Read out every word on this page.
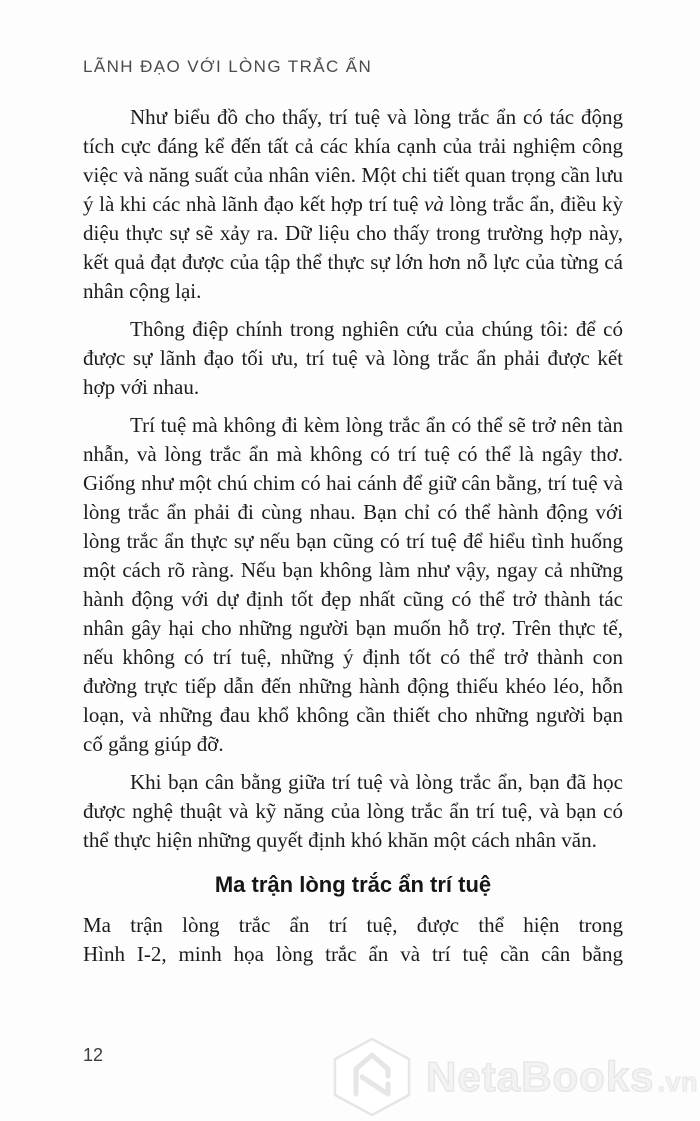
LÃNH ĐẠO VỚI LÒNG TRẮC ẨN

Như biểu đồ cho thấy, trí tuệ và lòng trắc ẩn có tác động tích cực đáng kể đến tất cả các khía cạnh của trải nghiệm công việc và năng suất của nhân viên. Một chi tiết quan trọng cần lưu ý là khi các nhà lãnh đạo kết hợp trí tuệ và lòng trắc ẩn, điều kỳ diệu thực sự sẽ xảy ra. Dữ liệu cho thấy trong trường hợp này, kết quả đạt được của tập thể thực sự lớn hơn nỗ lực của từng cá nhân cộng lại.

Thông điệp chính trong nghiên cứu của chúng tôi: để có được sự lãnh đạo tối ưu, trí tuệ và lòng trắc ẩn phải được kết hợp với nhau.

Trí tuệ mà không đi kèm lòng trắc ẩn có thể sẽ trở nên tàn nhẫn, và lòng trắc ẩn mà không có trí tuệ có thể là ngây thơ. Giống như một chú chim có hai cánh để giữ cân bằng, trí tuệ và lòng trắc ẩn phải đi cùng nhau. Bạn chỉ có thể hành động với lòng trắc ẩn thực sự nếu bạn cũng có trí tuệ để hiểu tình huống một cách rõ ràng. Nếu bạn không làm như vậy, ngay cả những hành động với dự định tốt đẹp nhất cũng có thể trở thành tác nhân gây hại cho những người bạn muốn hỗ trợ. Trên thực tế, nếu không có trí tuệ, những ý định tốt có thể trở thành con đường trực tiếp dẫn đến những hành động thiếu khéo léo, hỗn loạn, và những đau khổ không cần thiết cho những người bạn cố gắng giúp đỡ.

Khi bạn cân bằng giữa trí tuệ và lòng trắc ẩn, bạn đã học được nghệ thuật và kỹ năng của lòng trắc ẩn trí tuệ, và bạn có thể thực hiện những quyết định khó khăn một cách nhân văn.

Ma trận lòng trắc ẩn trí tuệ

Ma trận lòng trắc ẩn trí tuệ, được thể hiện trong
Hình I-2, minh họa lòng trắc ẩn và trí tuệ cần cân bằng

12	NetaBooks .vn
